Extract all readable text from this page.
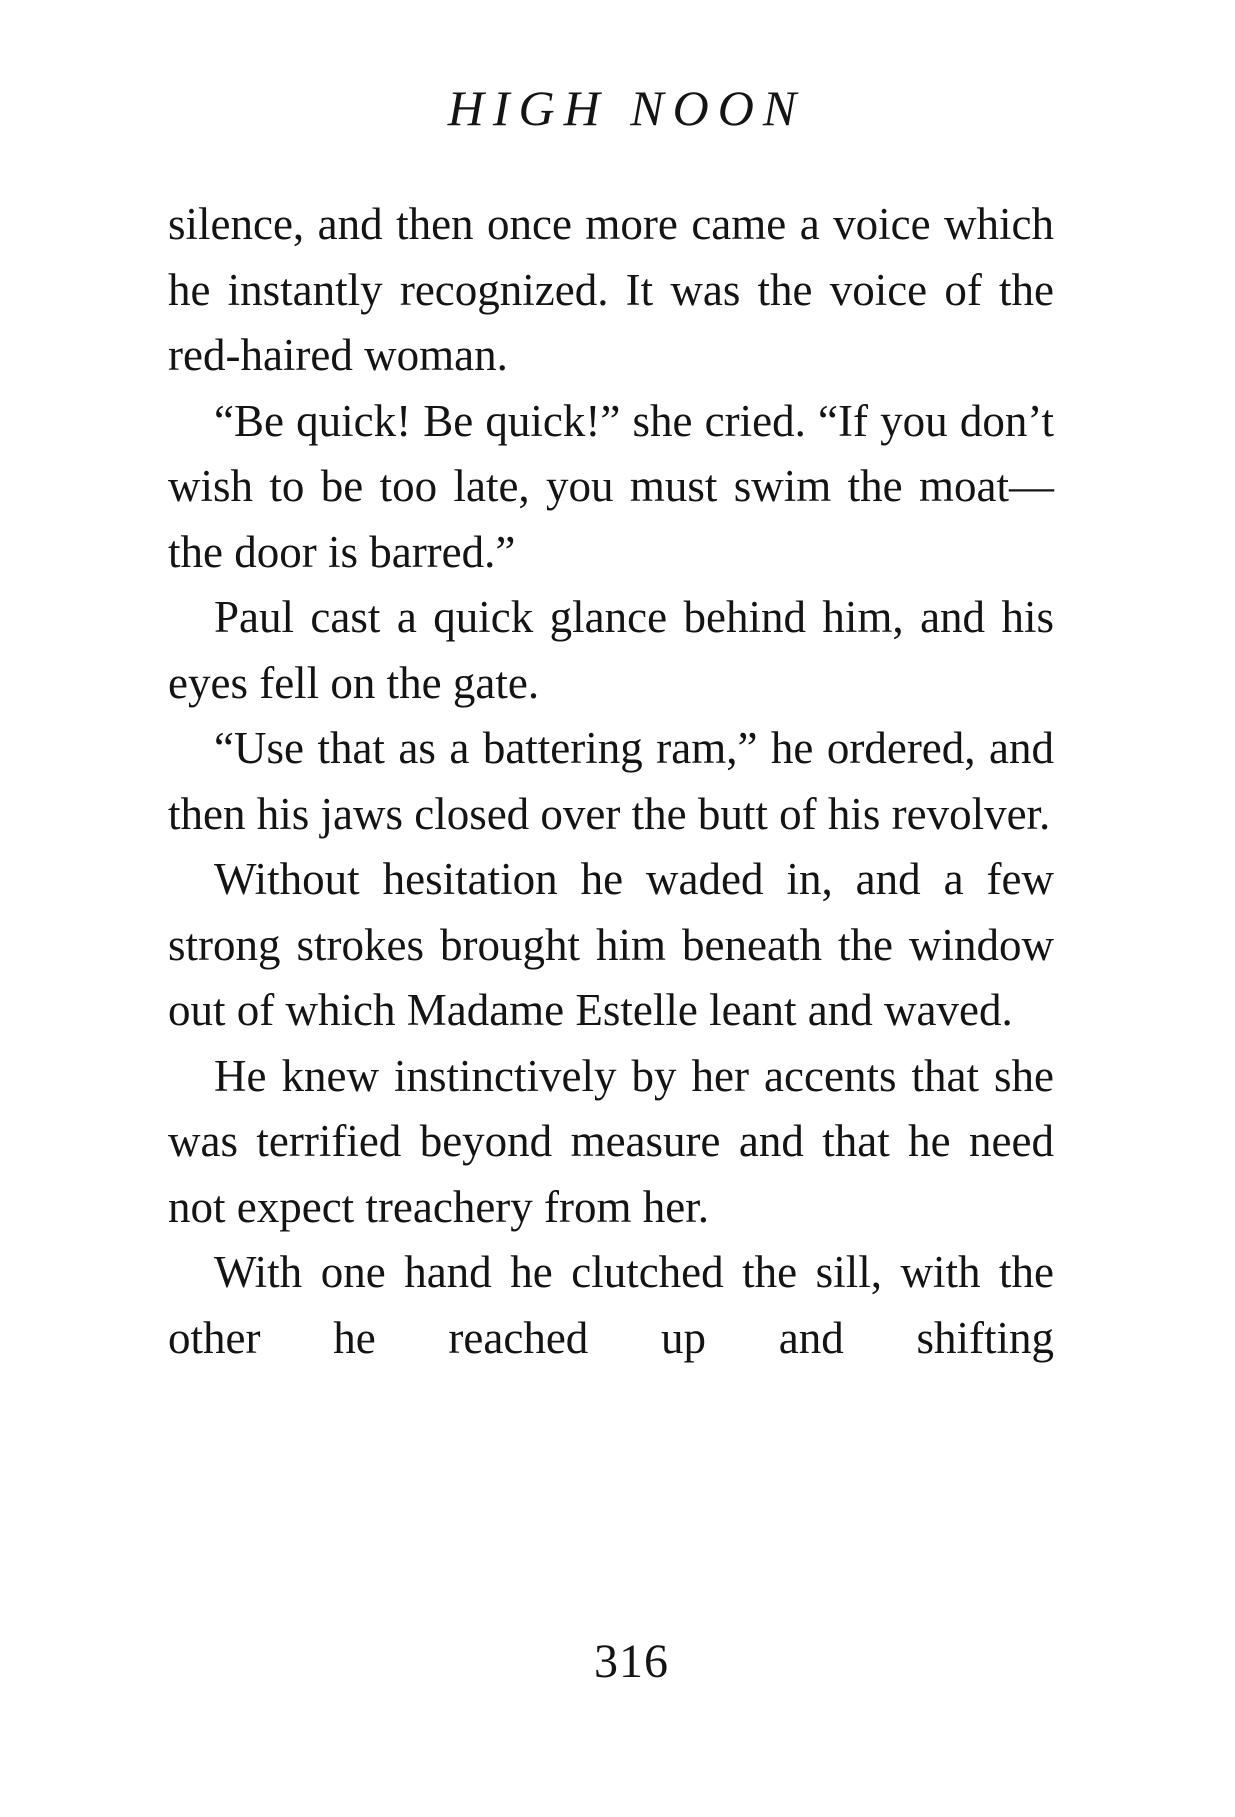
HIGH NOON

silence, and then once more came a voice which he instantly recognized. It was the voice of the red-haired woman.

“Be quick! Be quick!” she cried. “If you don’t wish to be too late, you must swim the moat—the door is barred.”

Paul cast a quick glance behind him, and his eyes fell on the gate.

“Use that as a battering ram,” he ordered, and then his jaws closed over the butt of his revolver.

Without hesitation he waded in, and a few strong strokes brought him beneath the window out of which Madame Estelle leant and waved.

He knew instinctively by her accents that she was terrified beyond measure and that he need not expect treachery from her.

With one hand he clutched the sill, with the other he reached up and shifting

316
